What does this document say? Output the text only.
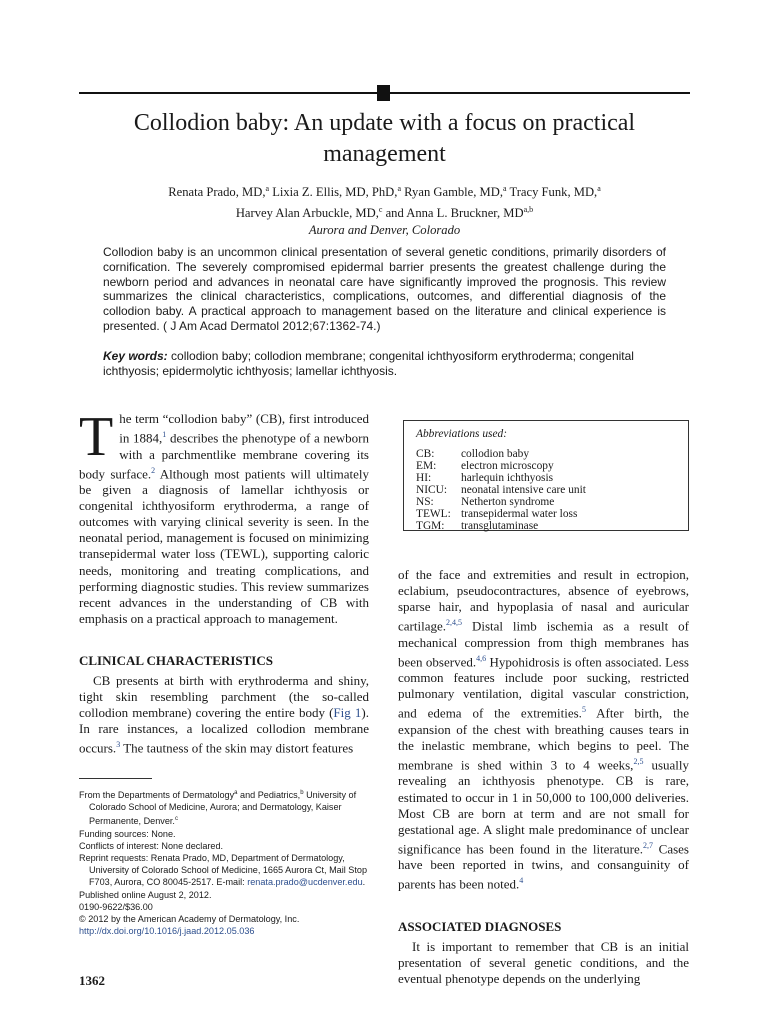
Collodion baby: An update with a focus on practical management
Renata Prado, MD,$^a$ Lixia Z. Ellis, MD, PhD,$^a$ Ryan Gamble, MD,$^a$ Tracy Funk, MD,$^a$
Harvey Alan Arbuckle, MD,$^c$ and Anna L. Bruckner, MD$^{a,b}$
Aurora and Denver, Colorado

Collodion baby is an uncommon clinical presentation of several genetic conditions, primarily disorders of cornification. The severely compromised epidermal barrier presents the greatest challenge during the newborn period and advances in neonatal care have significantly improved the prognosis. This review summarizes the clinical characteristics, complications, outcomes, and differential diagnosis of the collodion baby. A practical approach to management based on the literature and clinical experience is presented. ( J Am Acad Dermatol 2012;67:1362-74.)

Key words: collodion baby; collodion membrane; congenital ichthyosiform erythroderma; congenital ichthyosis; epidermolytic ichthyosis; lamellar ichthyosis.

The term “collodion baby” (CB), first introduced in 1884,$^1$ describes the phenotype of a newborn with a parchmentlike membrane covering its body surface.$^2$ Although most patients will ultimately be given a diagnosis of lamellar ichthyosis or congenital ichthyosiform erythroderma, a range of outcomes with varying clinical severity is seen. In the neonatal period, management is focused on minimizing transepidermal water loss (TEWL), supporting caloric needs, monitoring and treating complications, and performing diagnostic studies. This review summarizes recent advances in the understanding of CB with emphasis on a practical approach to management.

CLINICAL CHARACTERISTICS

CB presents at birth with erythroderma and shiny, tight skin resembling parchment (the so-called collodion membrane) covering the entire body (Fig 1). In rare instances, a localized collodion membrane occurs.$^3$ The tautness of the skin may distort features

Abbreviations used:
CB:	collodion baby
EM:	electron microscopy
HI:	harlequin ichthyosis
NICU:	neonatal intensive care unit
NS:	Netherton syndrome
TEWL: transepidermal water loss
TGM:	transglutaminase

of the face and extremities and result in ectropion, eclabium, pseudocontractures, absence of eyebrows, sparse hair, and hypoplasia of nasal and auricular cartilage.$^{2,4,5}$ Distal limb ischemia as a result of mechanical compression from thigh membranes has been observed.$^{4,6}$ Hypohidrosis is often associated. Less common features include poor sucking, restricted pulmonary ventilation, digital vascular constriction, and edema of the extremities.$^5$ After birth, the expansion of the chest with breathing causes tears in the inelastic membrane, which begins to peel. The membrane is shed within 3 to 4 weeks,$^{2,5}$ usually revealing an ichthyosis phenotype. CB is rare, estimated to occur in 1 in 50,000 to 100,000 deliveries. Most CB are born at term and are not small for gestational age. A slight male predominance of unclear significance has been found in the literature.$^{2,7}$ Cases have been reported in twins, and consanguinity of parents has been noted.$^4$

ASSOCIATED DIAGNOSES

It is important to remember that CB is an initial presentation of several genetic conditions, and the eventual phenotype depends on the underlying

From the Departments of Dermatology$^a$ and Pediatrics,$^b$ University of Colorado School of Medicine, Aurora; and Dermatology, Kaiser Permanente, Denver.$^c$

Funding sources: None.

Conflicts of interest: None declared.

Reprint requests: Renata Prado, MD, Department of Dermatology, University of Colorado School of Medicine, 1665 Aurora Ct, Mail Stop F703, Aurora, CO 80045-2517. E-mail: renata.prado@ucdenver.edu.

Published online August 2, 2012.

0190-9622/$36.00

© 2012 by the American Academy of Dermatology, Inc.

http://dx.doi.org/10.1016/j.jaad.2012.05.036

1362
